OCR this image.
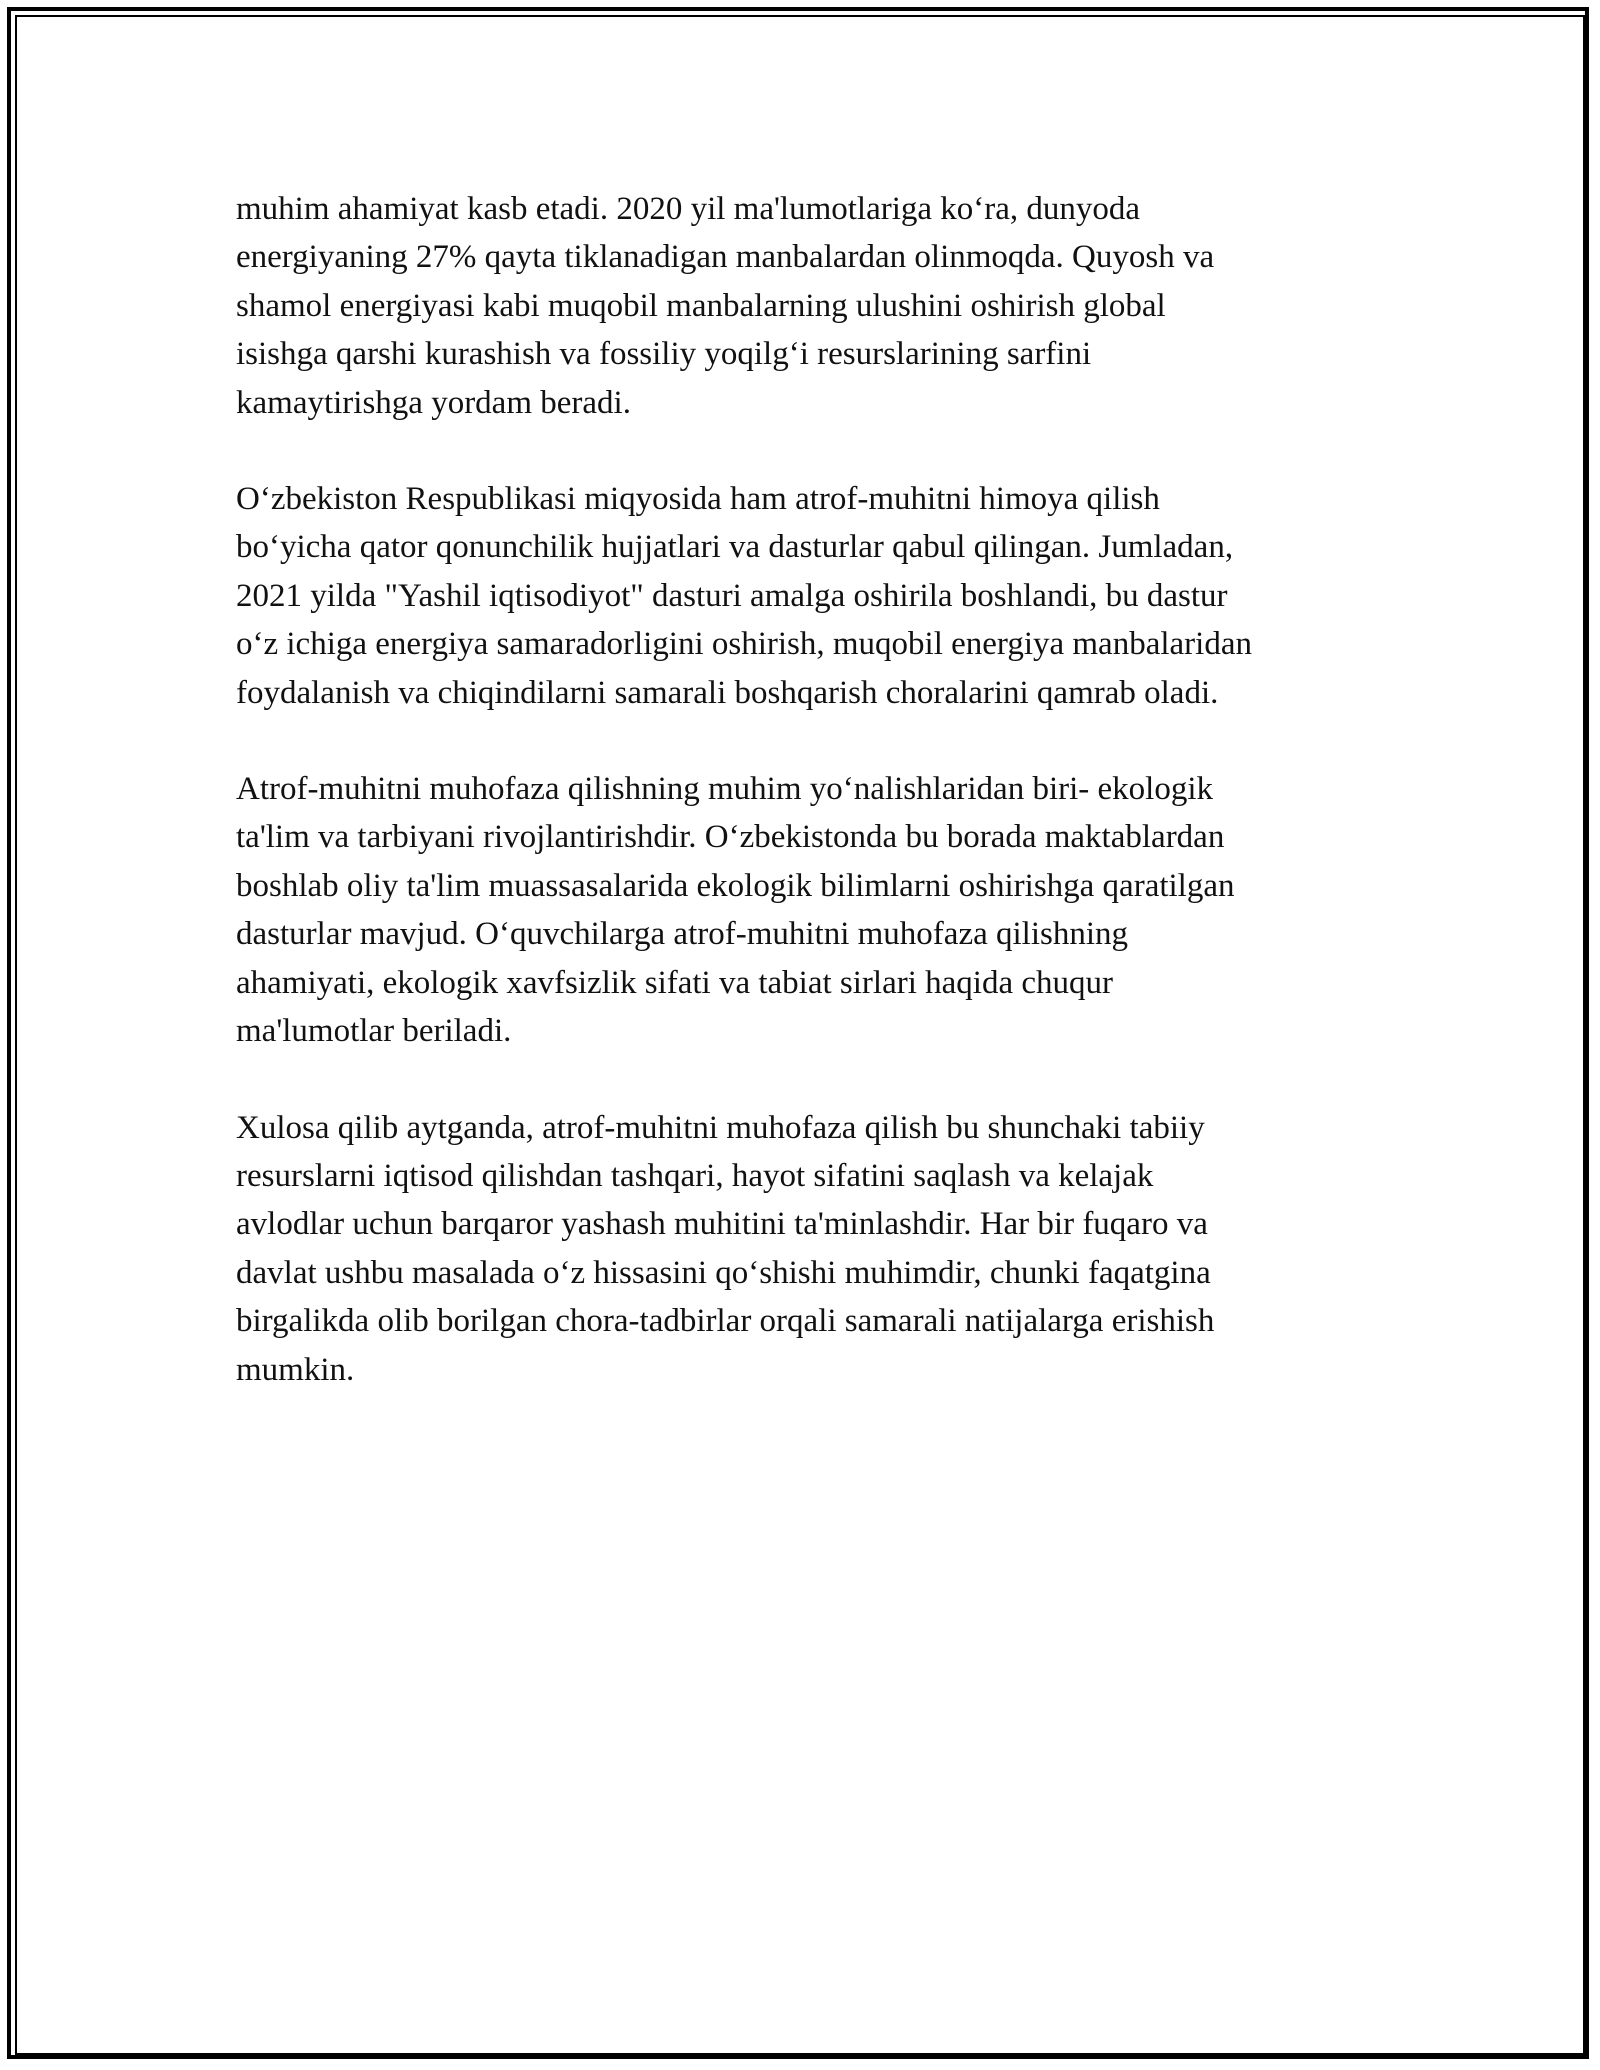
muhim ahamiyat kasb etadi. 2020 yil ma'lumotlariga koʻra, dunyoda
energiyaning 27% qayta tiklanadigan manbalardan olinmoqda. Quyosh va
shamol energiyasi kabi muqobil manbalarning ulushini oshirish global
isishga qarshi kurashish va fossiliy yoqilgʻi resurslarining sarfini
kamaytirishga yordam beradi.
Oʻzbekiston Respublikasi miqyosida ham atrof-muhitni himoya qilish
boʻyicha qator qonunchilik hujjatlari va dasturlar qabul qilingan. Jumladan,
2021 yilda "Yashil iqtisodiyot" dasturi amalga oshirila boshlandi, bu dastur
oʻz ichiga energiya samaradorligini oshirish, muqobil energiya manbalaridan
foydalanish va chiqindilarni samarali boshqarish choralarini qamrab oladi.
Atrof-muhitni muhofaza qilishning muhim yoʻnalishlaridan biri- ekologik
ta'lim va tarbiyani rivojlantirishdir. Oʻzbekistonda bu borada maktablardan
boshlab oliy ta'lim muassasalarida ekologik bilimlarni oshirishga qaratilgan
dasturlar mavjud. Oʻquvchilarga atrof-muhitni muhofaza qilishning
ahamiyati, ekologik xavfsizlik sifati va tabiat sirlari haqida chuqur
ma'lumotlar beriladi.
Xulosa qilib aytganda, atrof-muhitni muhofaza qilish bu shunchaki tabiiy
resurslarni iqtisod qilishdan tashqari, hayot sifatini saqlash va kelajak
avlodlar uchun barqaror yashash muhitini ta'minlashdir. Har bir fuqaro va
davlat ushbu masalada oʻz hissasini qoʻshishi muhimdir, chunki faqatgina
birgalikda olib borilgan chora-tadbirlar orqali samarali natijalarga erishish
mumkin.
